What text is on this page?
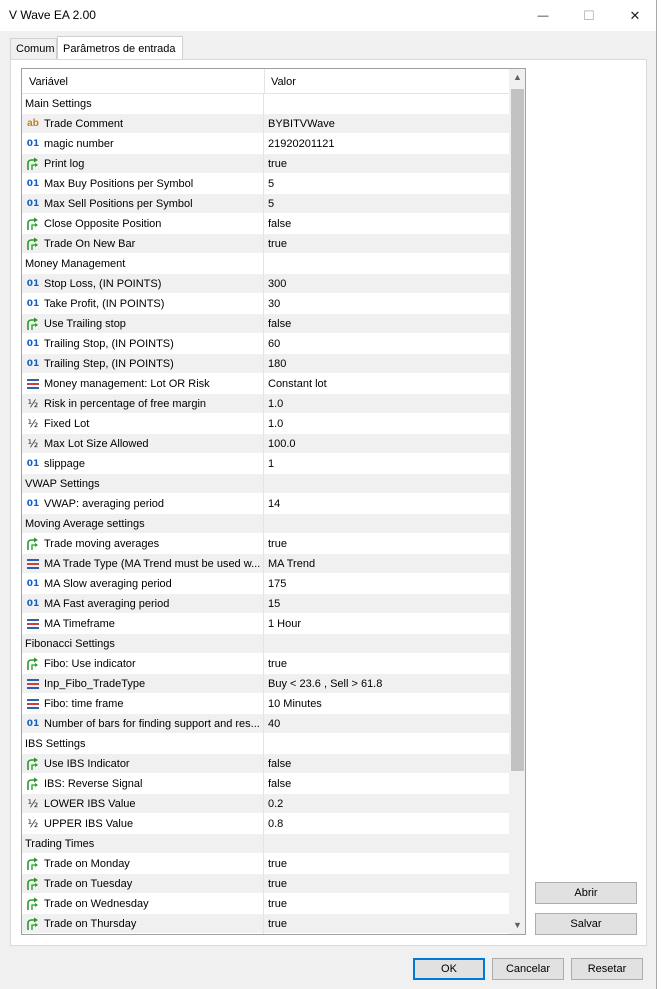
V Wave EA 2.00	—	☐	✕
Comum Parâmetros de entrada
Variável	Valor
Main Settings
ab Trade Comment	BYBITVWave
01 magic number	21920201121
Print log	true
01 Max Buy Positions per Symbol	5
01 Max Sell Positions per Symbol	5
Close Opposite Position	false
Trade On New Bar	true
Money Management
01 Stop Loss, (IN POINTS)	300
01 Take Profit, (IN POINTS)	30
Use Trailing stop	false
01 Trailing Stop, (IN POINTS)	60
01 Trailing Step, (IN POINTS)	180
Money management: Lot OR Risk	Constant lot
½ Risk in percentage of free margin	1.0
½ Fixed Lot	1.0
½ Max Lot Size Allowed	100.0
01 slippage	1
VWAP Settings
01 VWAP: averaging period	14
Moving Average settings
Trade moving averages	true
MA Trade Type (MA Trend must be used w... MA Trend
01 MA Slow averaging period	175
01 MA Fast averaging period	15
MA Timeframe	1 Hour
Fibonacci Settings
Fibo: Use indicator	true
Inp_Fibo_TradeType	Buy < 23.6 , Sell > 61.8
Fibo: time frame	10 Minutes
01 Number of bars for finding support and res... 40
IBS Settings
Use IBS Indicator	false
IBS: Reverse Signal	false
½ LOWER IBS Value	0.2
½ UPPER IBS Value	0.8
Trading Times
Trade on Monday	true
Trade on Tuesday	true
Trade on Wednesday	true
Trade on Thursday	true
▲
▼
Abrir
Salvar
OK	Cancelar	Resetar
